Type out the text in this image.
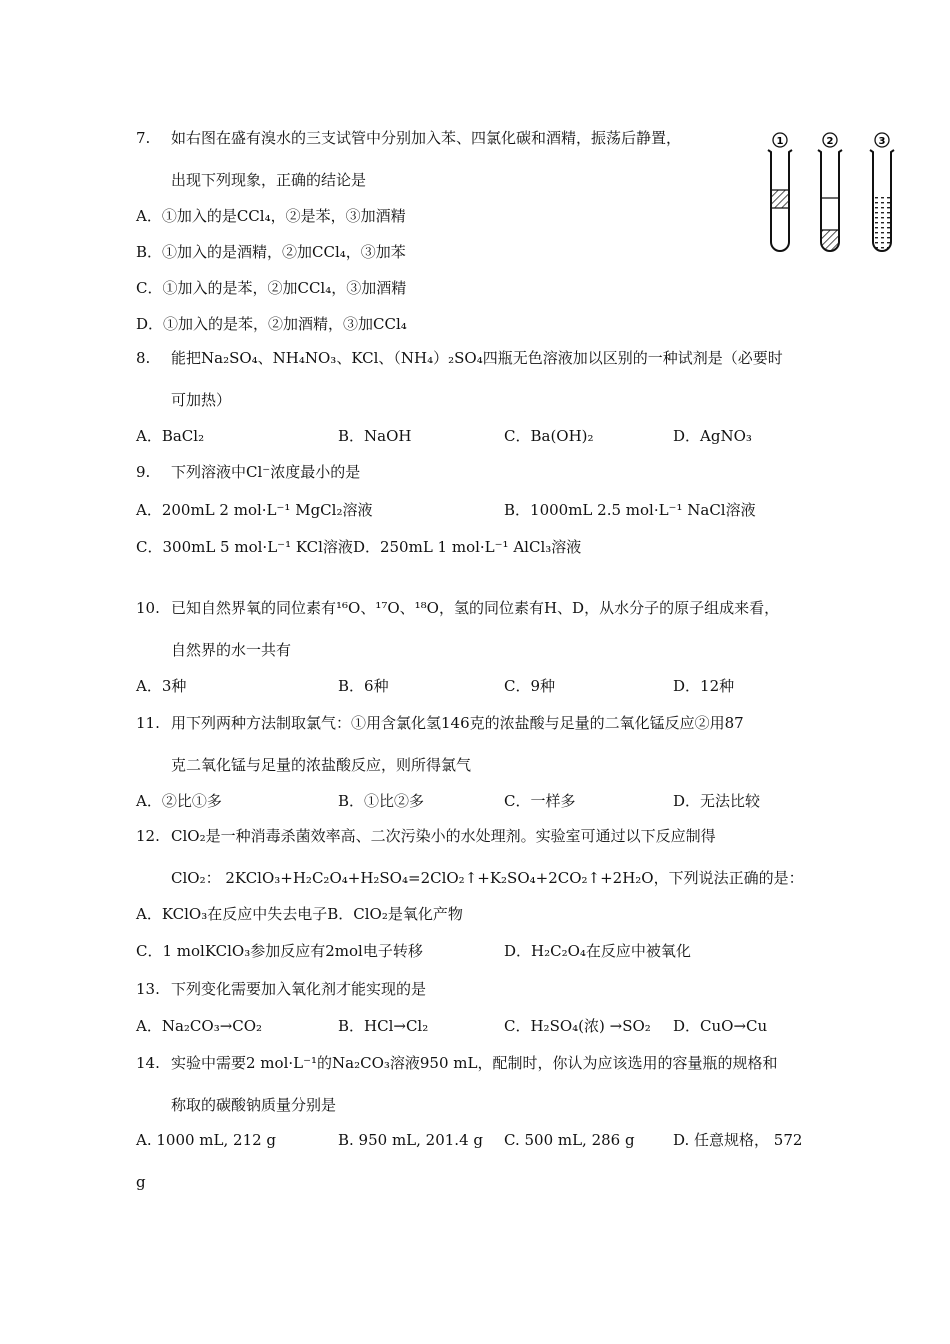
7. 如右图在盛有溴水的三支试管中分别加入苯、四氯化碳和酒精，振荡后静置，
出现下列现象，正确的结论是
A．①加入的是CCl₄，②是苯，③加酒精
B．①加入的是酒精，②加CCl₄，③加苯
C．①加入的是苯，②加CCl₄，③加酒精
D．①加入的是苯，②加酒精，③加CCl₄
1	2	3
8. 能把Na₂SO₄、NH₄NO₃、KCl、（NH₄）₂SO₄四瓶无色溶液加以区别的一种试剂是（必要时
可加热）
A．BaCl₂	B．NaOH	C．Ba(OH)₂	D．AgNO₃
9. 下列溶液中Cl⁻浓度最小的是
A．200mL 2 mol·L⁻¹ MgCl₂溶液	B．1000mL 2.5 mol·L⁻¹ NaCl溶液
C．300mL 5 mol·L⁻¹ KCl溶液D．250mL 1 mol·L⁻¹ AlCl₃溶液
10. 已知自然界氧的同位素有¹⁶O、¹⁷O、¹⁸O，氢的同位素有H、D，从水分子的原子组成来看，
自然界的水一共有
A．3种	B．6种	C．9种	D．12种
11. 用下列两种方法制取氯气：①用含氯化氢146克的浓盐酸与足量的二氧化锰反应②用87
克二氧化锰与足量的浓盐酸反应，则所得氯气
A．②比①多	B．①比②多	C．一样多	D．无法比较
12. ClO₂是一种消毒杀菌效率高、二次污染小的水处理剂。实验室可通过以下反应制得
ClO₂： 2KClO₃+H₂C₂O₄+H₂SO₄=2ClO₂↑+K₂SO₄+2CO₂↑+2H₂O，下列说法正确的是：
A．KClO₃在反应中失去电子B．ClO₂是氧化产物
C．1 molKClO₃参加反应有2mol电子转移	D．H₂C₂O₄在反应中被氧化
13. 下列变化需要加入氧化剂才能实现的是
A．Na₂CO₃→CO₂	B．HCl→Cl₂	C．H₂SO₄(浓) →SO₂ D．CuO→Cu
14. 实验中需要2 mol·L⁻¹的Na₂CO₃溶液950 mL，配制时，你认为应该选用的容量瓶的规格和
称取的碳酸钠质量分别是
A. 1000 mL, 212 g	B. 950 mL, 201.4 g C. 500 mL, 286 g	D. 任意规格， 572
g
